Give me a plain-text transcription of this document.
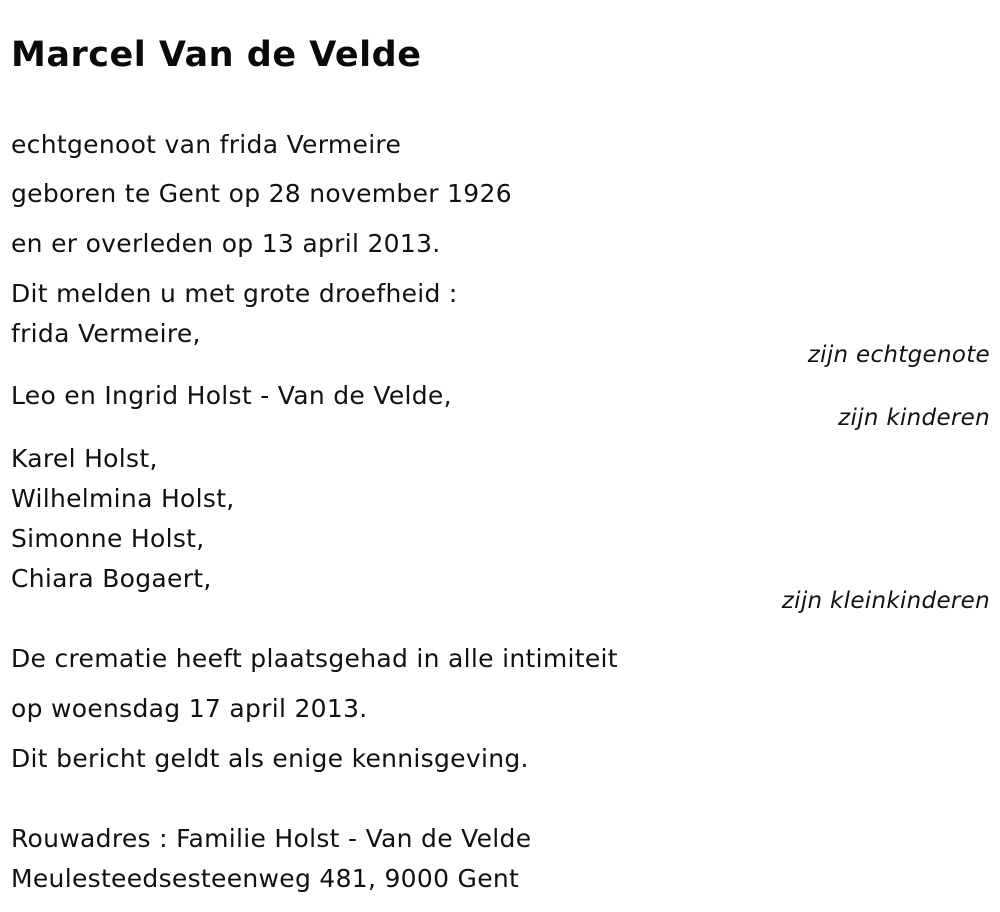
Marcel Van de Velde
echtgenoot van frida Vermeire
geboren te Gent op 28 november 1926
en er overleden op 13 april 2013.
Dit melden u met grote droefheid :
frida Vermeire,
zijn echtgenote
Leo en Ingrid Holst - Van de Velde,
zijn kinderen
Karel Holst,
Wilhelmina Holst,
Simonne Holst,
Chiara Bogaert,
zijn kleinkinderen
De crematie heeft plaatsgehad in alle intimiteit
op woensdag 17 april 2013.
Dit bericht geldt als enige kennisgeving.
Rouwadres : Familie Holst - Van de Velde
Meulesteedsesteenweg 481, 9000 Gent
